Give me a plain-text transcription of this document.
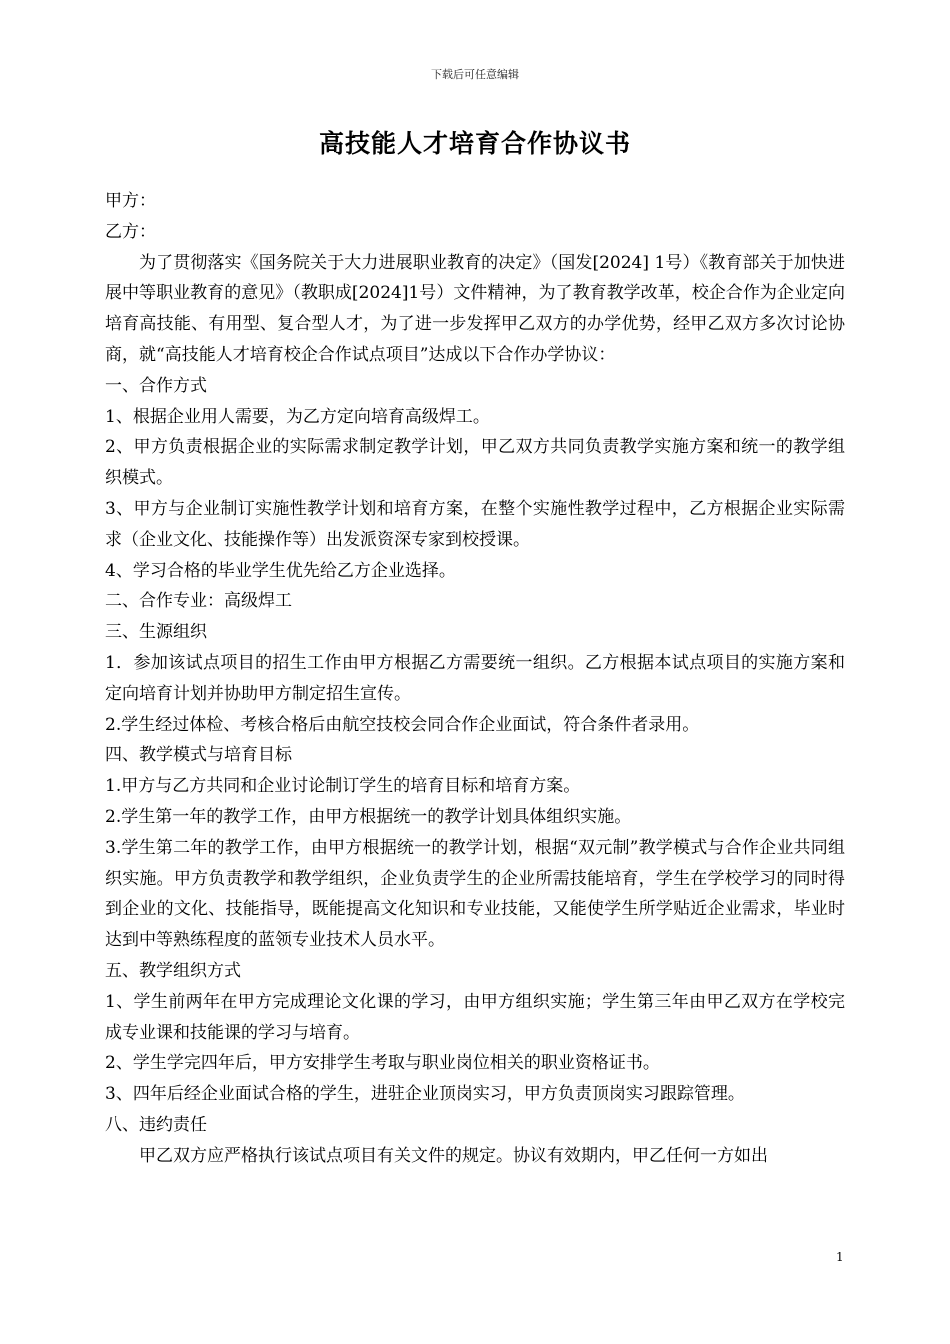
下载后可任意编辑
高技能人才培育合作协议书

甲方：

乙方：

为了贯彻落实《国务院关于大力进展职业教育的决定》（国发[2024] 1号）《教育部关于加快进展中等职业教育的意见》（教职成[2024]1号）文件精神，为了教育教学改革，校企合作为企业定向培育高技能、有用型、复合型人才，为了进一步发挥甲乙双方的办学优势，经甲乙双方多次讨论协商，就“高技能人才培育校企合作试点项目”达成以下合作办学协议：

一、合作方式

1、根据企业用人需要，为乙方定向培育高级焊工。

2、甲方负责根据企业的实际需求制定教学计划，甲乙双方共同负责教学实施方案和统一的教学组织模式。

3、甲方与企业制订实施性教学计划和培育方案，在整个实施性教学过程中，乙方根据企业实际需求（企业文化、技能操作等）出发派资深专家到校授课。

4、学习合格的毕业学生优先给乙方企业选择。

二、合作专业：高级焊工

三、生源组织

1．参加该试点项目的招生工作由甲方根据乙方需要统一组织。乙方根据本试点项目的实施方案和定向培育计划并协助甲方制定招生宣传。

2.学生经过体检、考核合格后由航空技校会同合作企业面试，符合条件者录用。

四、教学模式与培育目标

1.甲方与乙方共同和企业讨论制订学生的培育目标和培育方案。

2.学生第一年的教学工作，由甲方根据统一的教学计划具体组织实施。

3.学生第二年的教学工作，由甲方根据统一的教学计划，根据“双元制”教学模式与合作企业共同组织实施。甲方负责教学和教学组织，企业负责学生的企业所需技能培育，学生在学校学习的同时得到企业的文化、技能指导，既能提高文化知识和专业技能，又能使学生所学贴近企业需求，毕业时达到中等熟练程度的蓝领专业技术人员水平。

五、教学组织方式

1、学生前两年在甲方完成理论文化课的学习，由甲方组织实施；学生第三年由甲乙双方在学校完成专业课和技能课的学习与培育。

2、学生学完四年后，甲方安排学生考取与职业岗位相关的职业资格证书。

3、四年后经企业面试合格的学生，进驻企业顶岗实习，甲方负责顶岗实习跟踪管理。

八、违约责任

甲乙双方应严格执行该试点项目有关文件的规定。协议有效期内，甲乙任何一方如出

1
